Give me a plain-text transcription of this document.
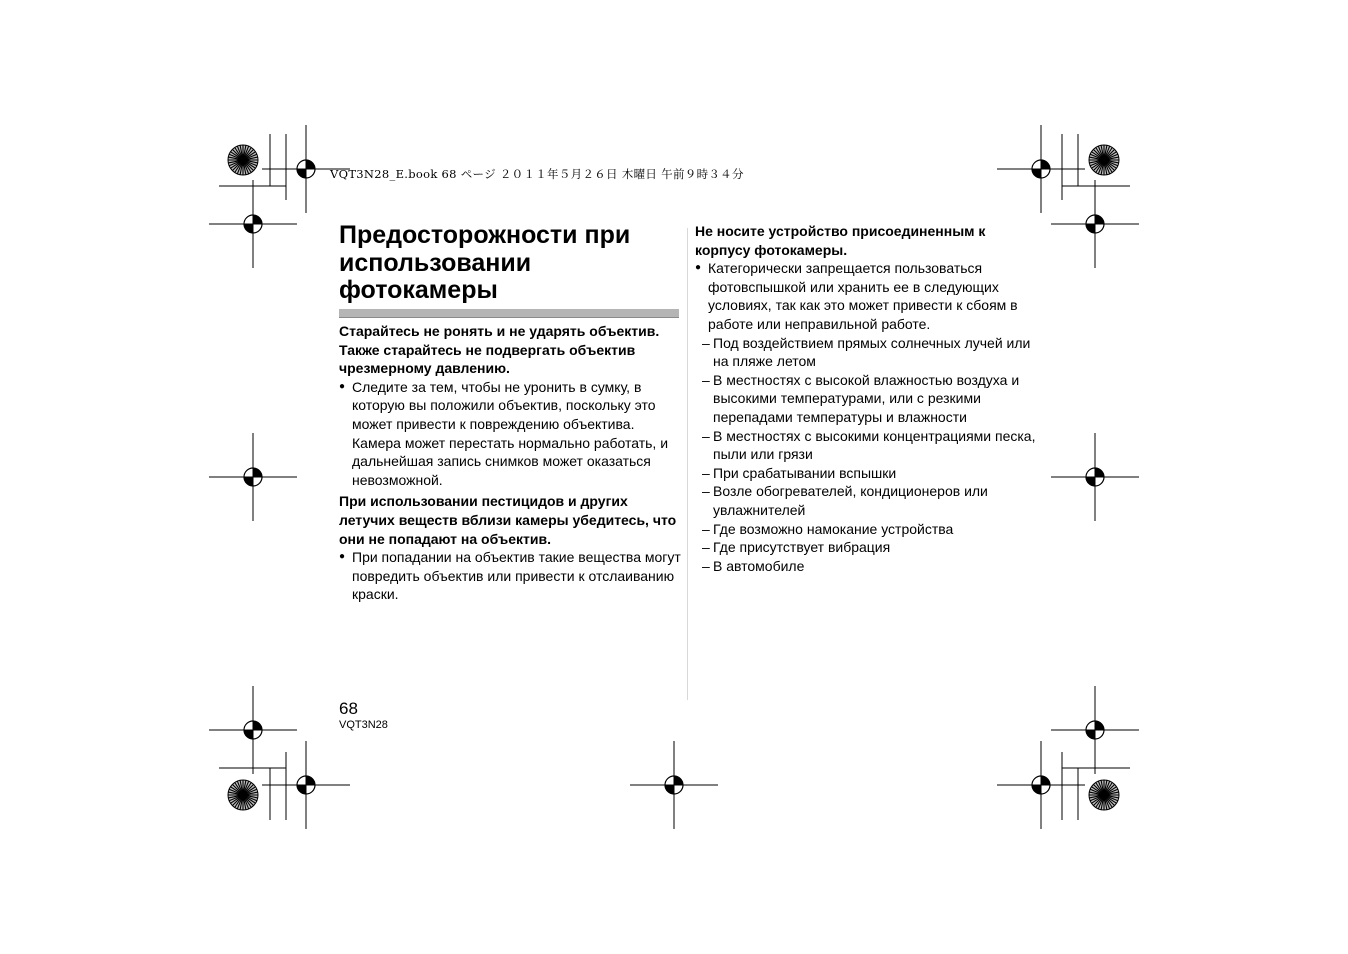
VQT3N28_E.book 68 ページ ２０１１年５月２６日 木曜日 午前９時３４分
Предосторожности при использовании фотокамеры

Старайтесь не ронять и не ударять объектив. Также старайтесь не подвергать объектив чрезмерному давлению.

● Следите за тем, чтобы не уронить в сумку, в которую вы положили объектив, поскольку это может привести к повреждению объектива. Камера может перестать нормально работать, и дальнейшая запись снимков может оказаться невозможной.

При использовании пестицидов и других летучих веществ вблизи камеры убедитесь, что они не попадают на объектив.

● При попадании на объектив такие вещества могут повредить объектив или привести к отслаиванию краски.

Не носите устройство присоединенным к корпусу фотокамеры.

● Категорически запрещается пользоваться фотовспышкой или хранить ее в следующих условиях, так как это может привести к сбоям в работе или неправильной работе.

– Под воздействием прямых солнечных лучей или на пляже летом

– В местностях с высокой влажностью воздуха и высокими температурами, или с резкими перепадами температуры и влажности

– В местностях с высокими концентрациями песка, пыли или грязи

– При срабатывании вспышки

– Возле обогревателей, кондиционеров или увлажнителей

– Где возможно намокание устройства

– Где присутствует вибрация

– В автомобиле

68
VQT3N28
